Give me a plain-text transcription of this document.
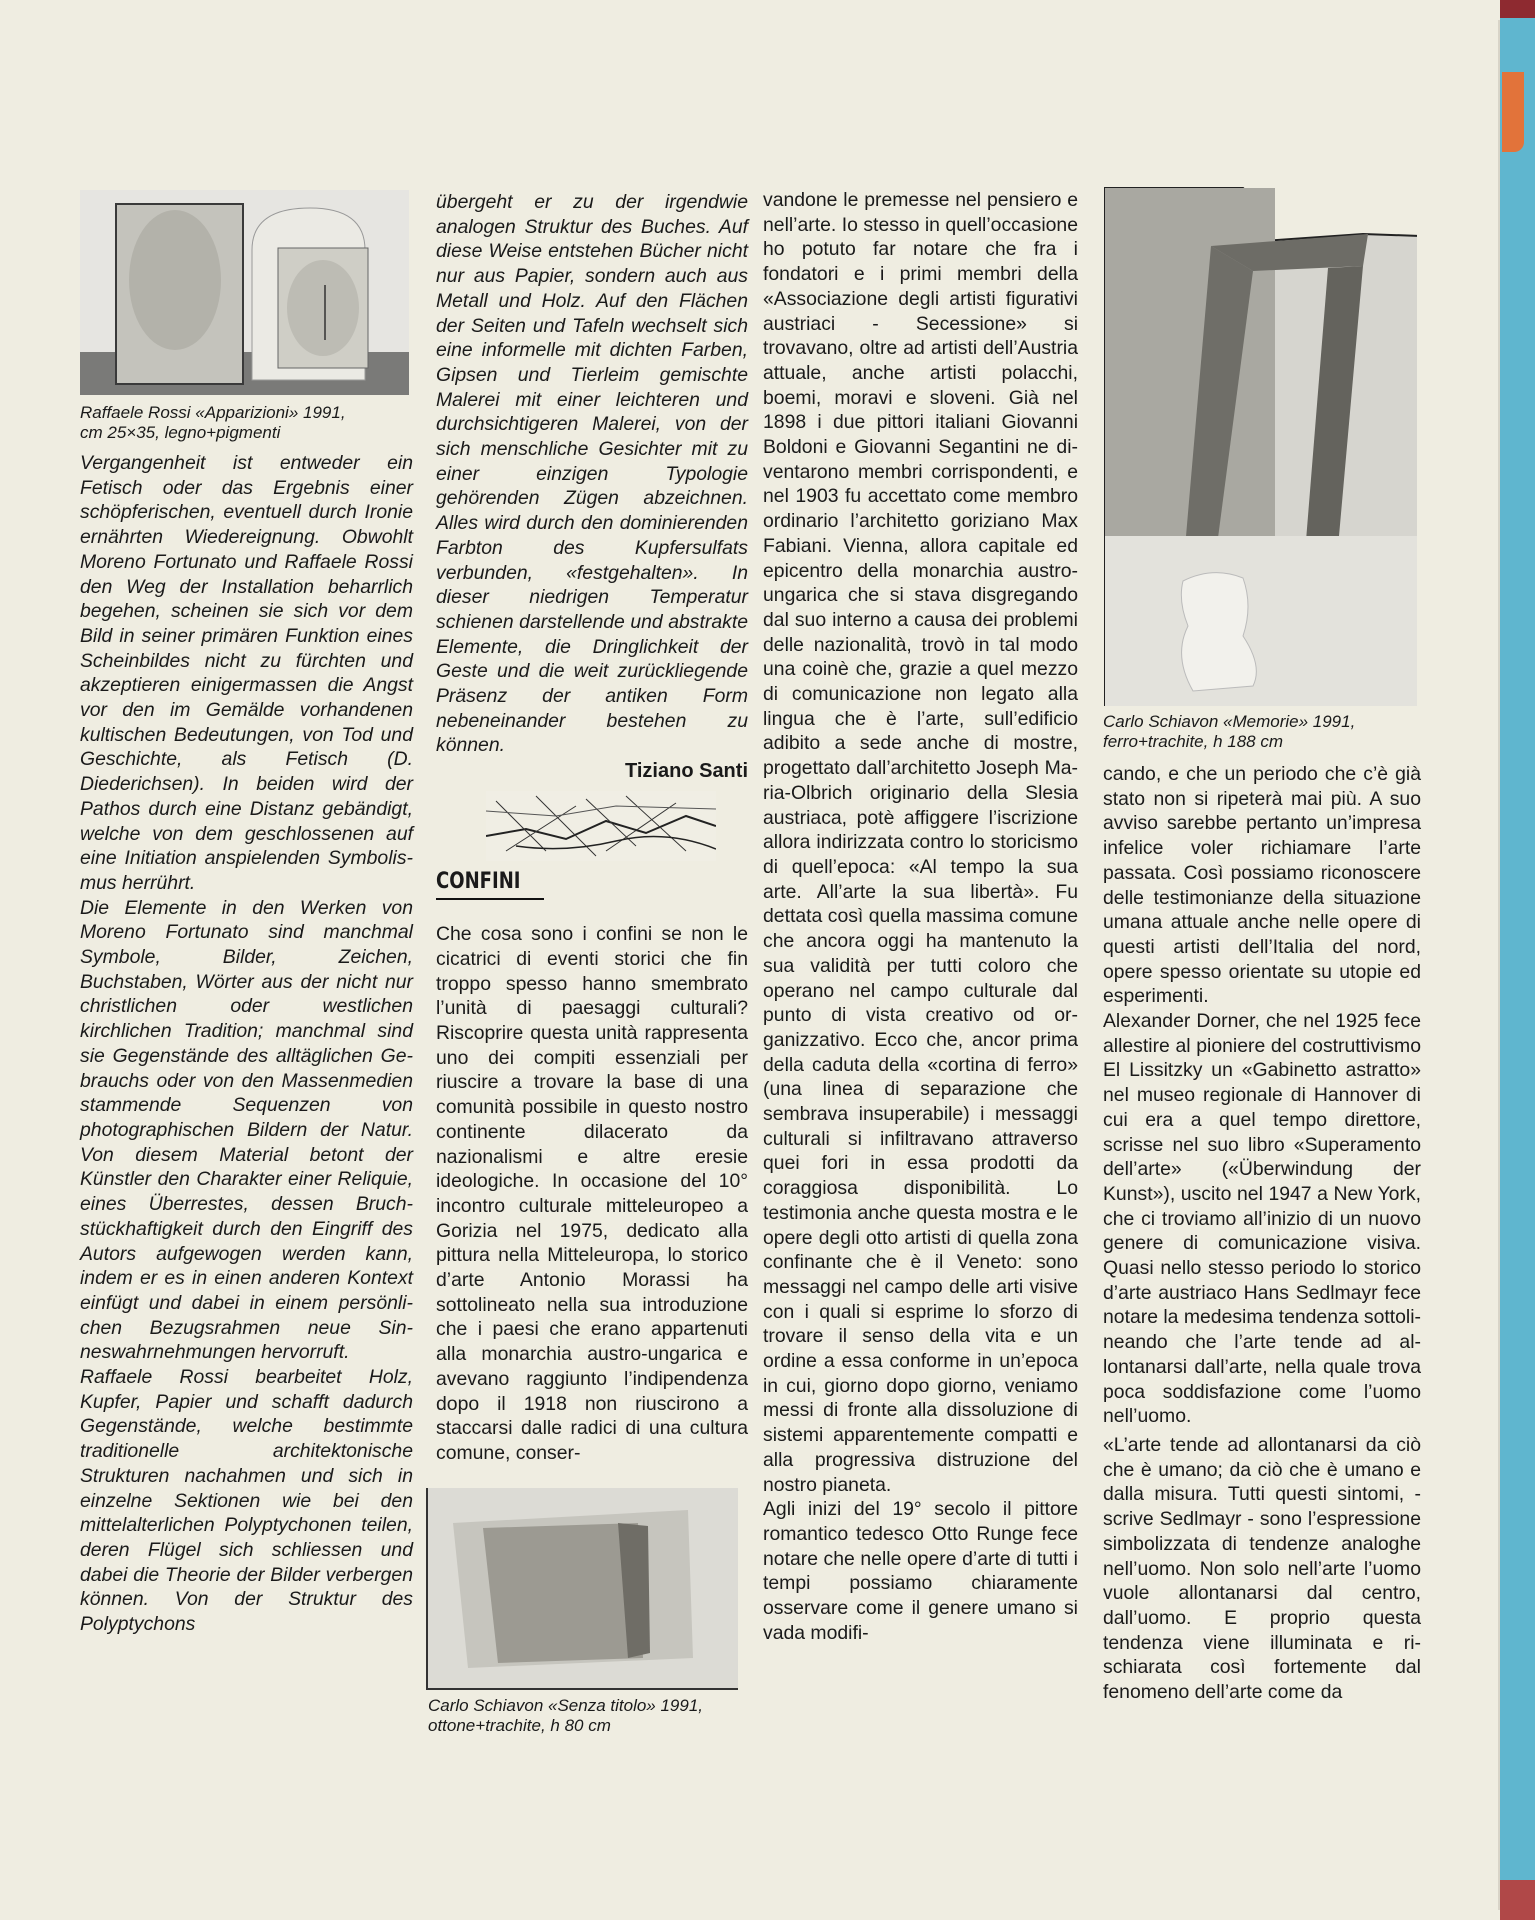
Raffaele Rossi «Apparizioni» 1991,
cm 25×35, legno+pigmenti

Vergangenheit ist entweder ein Fetisch oder das Ergebnis einer schöpferischen, eventuell durch Ironie ernährten Wiedereignung. Obwohlt Moreno Fortunato und Raffaele Rossi den Weg der Installation beharrlich begehen, scheinen sie sich vor dem Bild in seiner primären Funktion eines Scheinbildes nicht zu fürchten und akzeptieren einigermassen die Angst vor den im Gemälde vorhandenen kultischen Bedeutungen, von Tod und Geschichte, als Fetisch (D. Diederichsen). In beiden wird der Pathos durch eine Distanz gebändigt, welche von dem geschlossenen auf eine Initiation anspielenden Symbolismus herrührt.

Die Elemente in den Werken von Moreno Fortunato sind manchmal Symbole, Bilder, Zeichen, Buchstaben, Wörter aus der nicht nur christlichen oder westlichen kirchlichen Tradition; manchmal sind sie Gegenstände des alltäglichen Gebrauchs oder von den Massenmedien stammende Sequenzen von photographischen Bildern der Natur. Von diesem Material betont der Künstler den Charakter einer Reliquie, eines Überrestes, dessen Bruchstückhaftigkeit durch den Eingriff des Autors aufgewogen werden kann, indem er es in einen anderen Kontext einfügt und dabei in einem persönlichen Bezugsrahmen neue Sinneswahrnehmungen hervorruft.

Raffaele Rossi bearbeitet Holz, Kupfer, Papier und schafft dadurch Gegenstände, welche bestimmte traditionelle architektonische Strukturen nachahmen und sich in einzelne Sektionen wie bei den mittelalterlichen Polyptychonen teilen, deren Flügel sich schliessen und dabei die Theorie der Bilder verbergen können. Von der Struktur des Polyptychons

übergeht er zu der irgendwie analogen Struktur des Buches. Auf diese Weise entstehen Bücher nicht nur aus Papier, sondern auch aus Metall und Holz. Auf den Flächen der Seiten und Tafeln wechselt sich eine informelle mit dichten Farben, Gipsen und Tierleim gemischte Malerei mit einer leichteren und durchsichtigeren Malerei, von der sich menschliche Gesichter mit zu einer einzigen Typologie gehörenden Zügen abzeichnen. Alles wird durch den dominierenden Farbton des Kupfersulfats verbunden, «festgehalten». In dieser niedrigen Temperatur schienen darstellende und abstrakte Elemente, die Dringlichkeit der Geste und die weit zurückliegende Präsenz der antiken Form nebeneinander bestehen zu können.

Tiziano Santi

CONFINI

Che cosa sono i confini se non le cicatrici di eventi storici che fin troppo spesso hanno smembrato l’unità di paesaggi culturali? Riscoprire questa unità rappresenta uno dei compiti essenziali per riuscire a trovare la base di una comunità possibile in questo nostro continente dilacerato da nazionalismi e altre eresie ideologiche. In occasione del 10° incontro culturale mitteleuropeo a Gorizia nel 1975, dedicato alla pittura nella Mitteleuropa, lo storico d’arte Antonio Morassi ha sottolineato nella sua introduzione che i paesi che erano appartenuti alla monarchia austro-ungarica e avevano raggiunto l’indipendenza dopo il 1918 non riuscirono a staccarsi dalle radici di una cultura comune, conser-

Carlo Schiavon «Senza titolo» 1991,
ottone+trachite, h 80 cm

vandone le premesse nel pensiero e nell’arte. Io stesso in quell’occasione ho potuto far notare che fra i fondatori e i primi membri della «Associazione degli artisti figurativi austriaci - Secessione» si trovavano, oltre ad artisti dell’Austria attuale, anche artisti polacchi, boemi, moravi e sloveni. Già nel 1898 i due pittori italiani Giovanni Boldoni e Giovanni Segantini ne diventarono membri corrispondenti, e nel 1903 fu accettato come membro ordinario l’architetto goriziano Max Fabiani. Vienna, allora capitale ed epicentro della monarchia austroungarica che si stava disgregando dal suo interno a causa dei problemi delle nazionalità, trovò in tal modo una coinè che, grazie a quel mezzo di comunicazione non legato alla lingua che è l’arte, sull’edificio adibito a sede anche di mostre, progettato dall’architetto Joseph Maria-Olbrich originario della Slesia austriaca, potè affiggere l’iscrizione allora indirizzata contro lo storicismo di quell’epoca: «Al tempo la sua arte. All’arte la sua libertà». Fu dettata così quella massima comune che ancora oggi ha mantenuto la sua validità per tutti coloro che operano nel campo culturale dal punto di vista creativo od organizzativo. Ecco che, ancor prima della caduta della «cortina di ferro» (una linea di separazione che sembrava insuperabile) i messaggi culturali si infiltravano attraverso quei fori in essa prodotti da coraggiosa disponibilità. Lo testimonia anche questa mostra e le opere degli otto artisti di quella zona confinante che è il Veneto: sono messaggi nel campo delle arti visive con i quali si esprime lo sforzo di trovare il senso della vita e un ordine a essa conforme in un’epoca in cui, giorno dopo giorno, veniamo messi di fronte alla dissoluzione di sistemi apparentemente compatti e alla progressiva distruzione del nostro pianeta.

Agli inizi del 19° secolo il pittore romantico tedesco Otto Runge fece notare che nelle opere d’arte di tutti i tempi possiamo chiaramente osservare come il genere umano si vada modifi-

Carlo Schiavon «Memorie» 1991,
ferro+trachite, h 188 cm

cando, e che un periodo che c’è già stato non si ripeterà mai più. A suo avviso sarebbe pertanto un’impresa infelice voler richiamare l’arte passata. Così possiamo riconoscere delle testimonianze della situazione umana attuale anche nelle opere di questi artisti dell’Italia del nord, opere spesso orientate su utopie ed esperimenti.

Alexander Dorner, che nel 1925 fece allestire al pioniere del costruttivismo El Lissitzky un «Gabinetto astratto» nel museo regionale di Hannover di cui era a quel tempo direttore, scrisse nel suo libro «Superamento dell’arte» («Überwindung der Kunst»), uscito nel 1947 a New York, che ci troviamo all’inizio di un nuovo genere di comunicazione visiva. Quasi nello stesso periodo lo storico d’arte austriaco Hans Sedlmayr fece notare la medesima tendenza sottolineando che l’arte tende ad allontanarsi dall’arte, nella quale trova poca soddisfazione come l’uomo nell’uomo.

«L’arte tende ad allontanarsi da ciò che è umano; da ciò che è umano e dalla misura. Tutti questi sintomi, - scrive Sedlmayr - sono l’espressione simbolizzata di tendenze analoghe nell’uomo. Non solo nell’arte l’uomo vuole allontanarsi dal centro, dall’uomo. E proprio questa tendenza viene illuminata e rischiarata così fortemente dal fenomeno dell’arte come da
